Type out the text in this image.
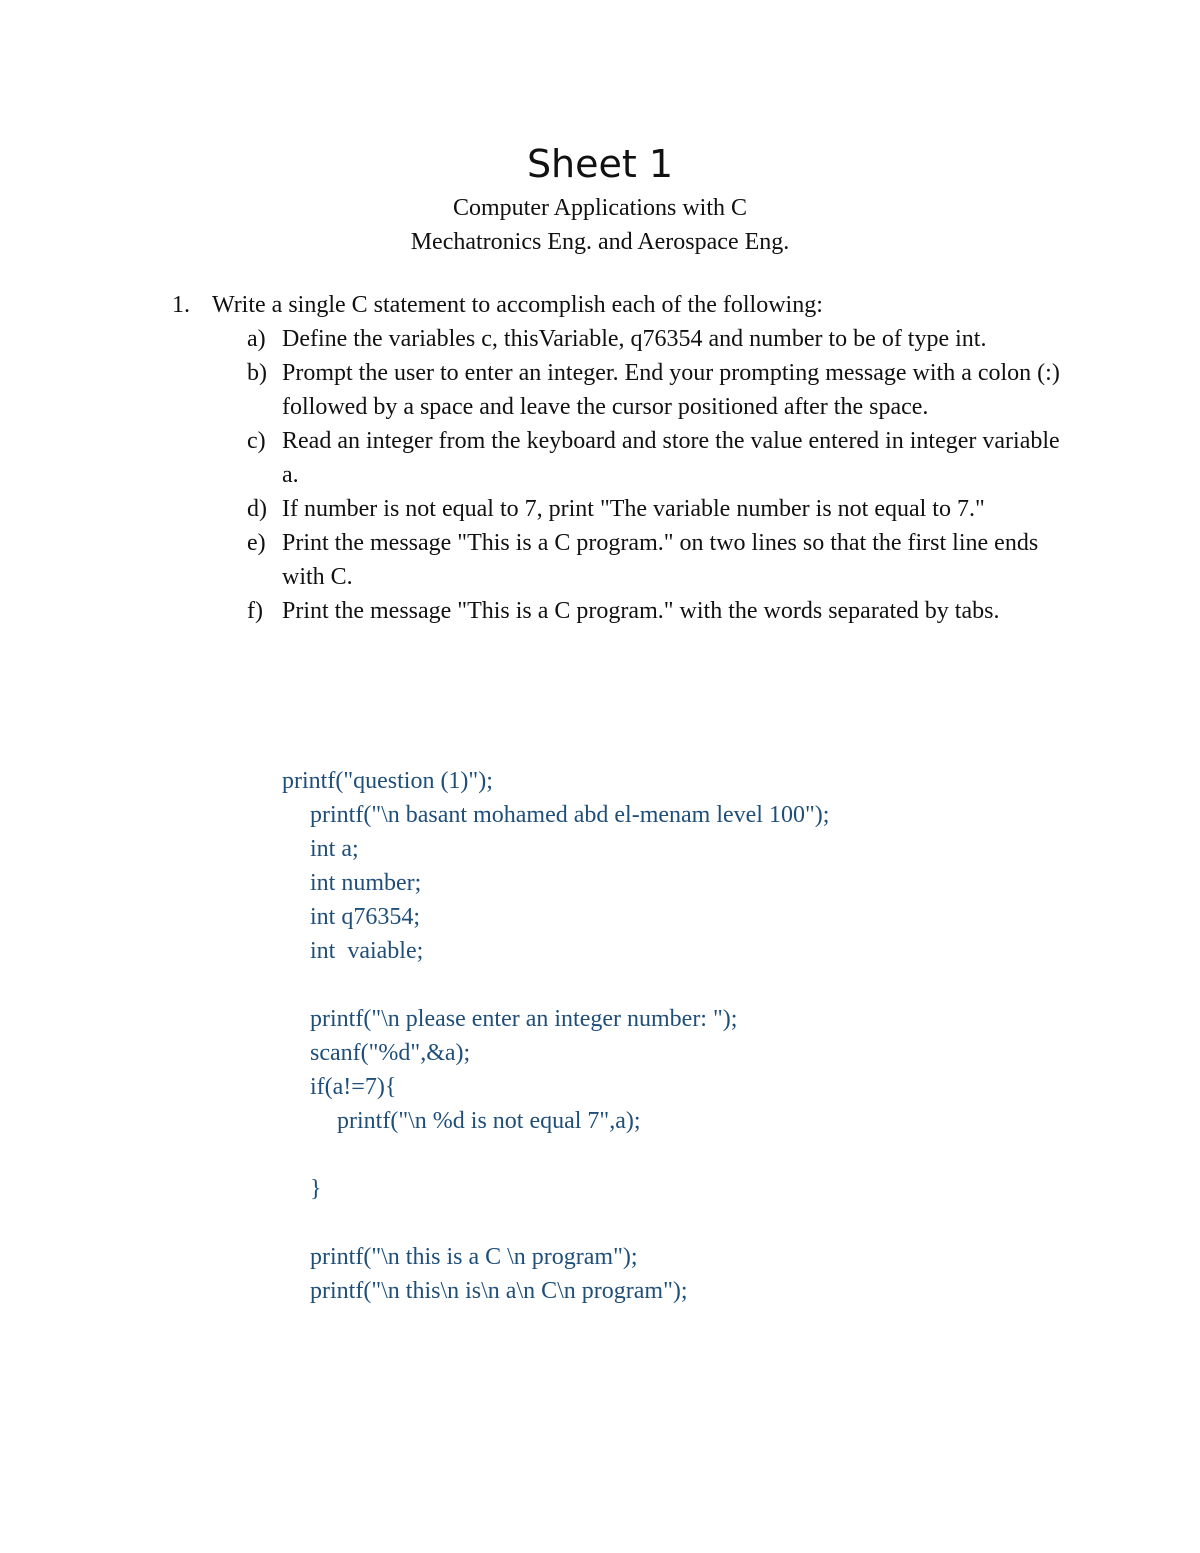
Sheet 1
Computer Applications with C
Mechatronics Eng. and Aerospace Eng.
1. Write a single C statement to accomplish each of the following:
a) Define the variables c, thisVariable, q76354 and number to be of type int.
b) Prompt the user to enter an integer. End your prompting message with a colon (:) followed by a space and leave the cursor positioned after the space.
c) Read an integer from the keyboard and store the value entered in integer variable a.
d) If number is not equal to 7, print "The variable number is not equal to 7."
e) Print the message "This is a C program." on two lines so that the first line ends with C.
f) Print the message "This is a C program." with the words separated by tabs.
printf("question (1)");
printf("\n basant mohamed abd el-menam level 100");
int a;
int number;
int q76354;
int  vaiable;
printf("\n please enter an integer number: ");
scanf("%d",&a);
if(a!=7){
printf("\n %d is not equal 7",a);
}
printf("\n this is a C \n program");
printf("\n this\n is\n a\n C\n program");
